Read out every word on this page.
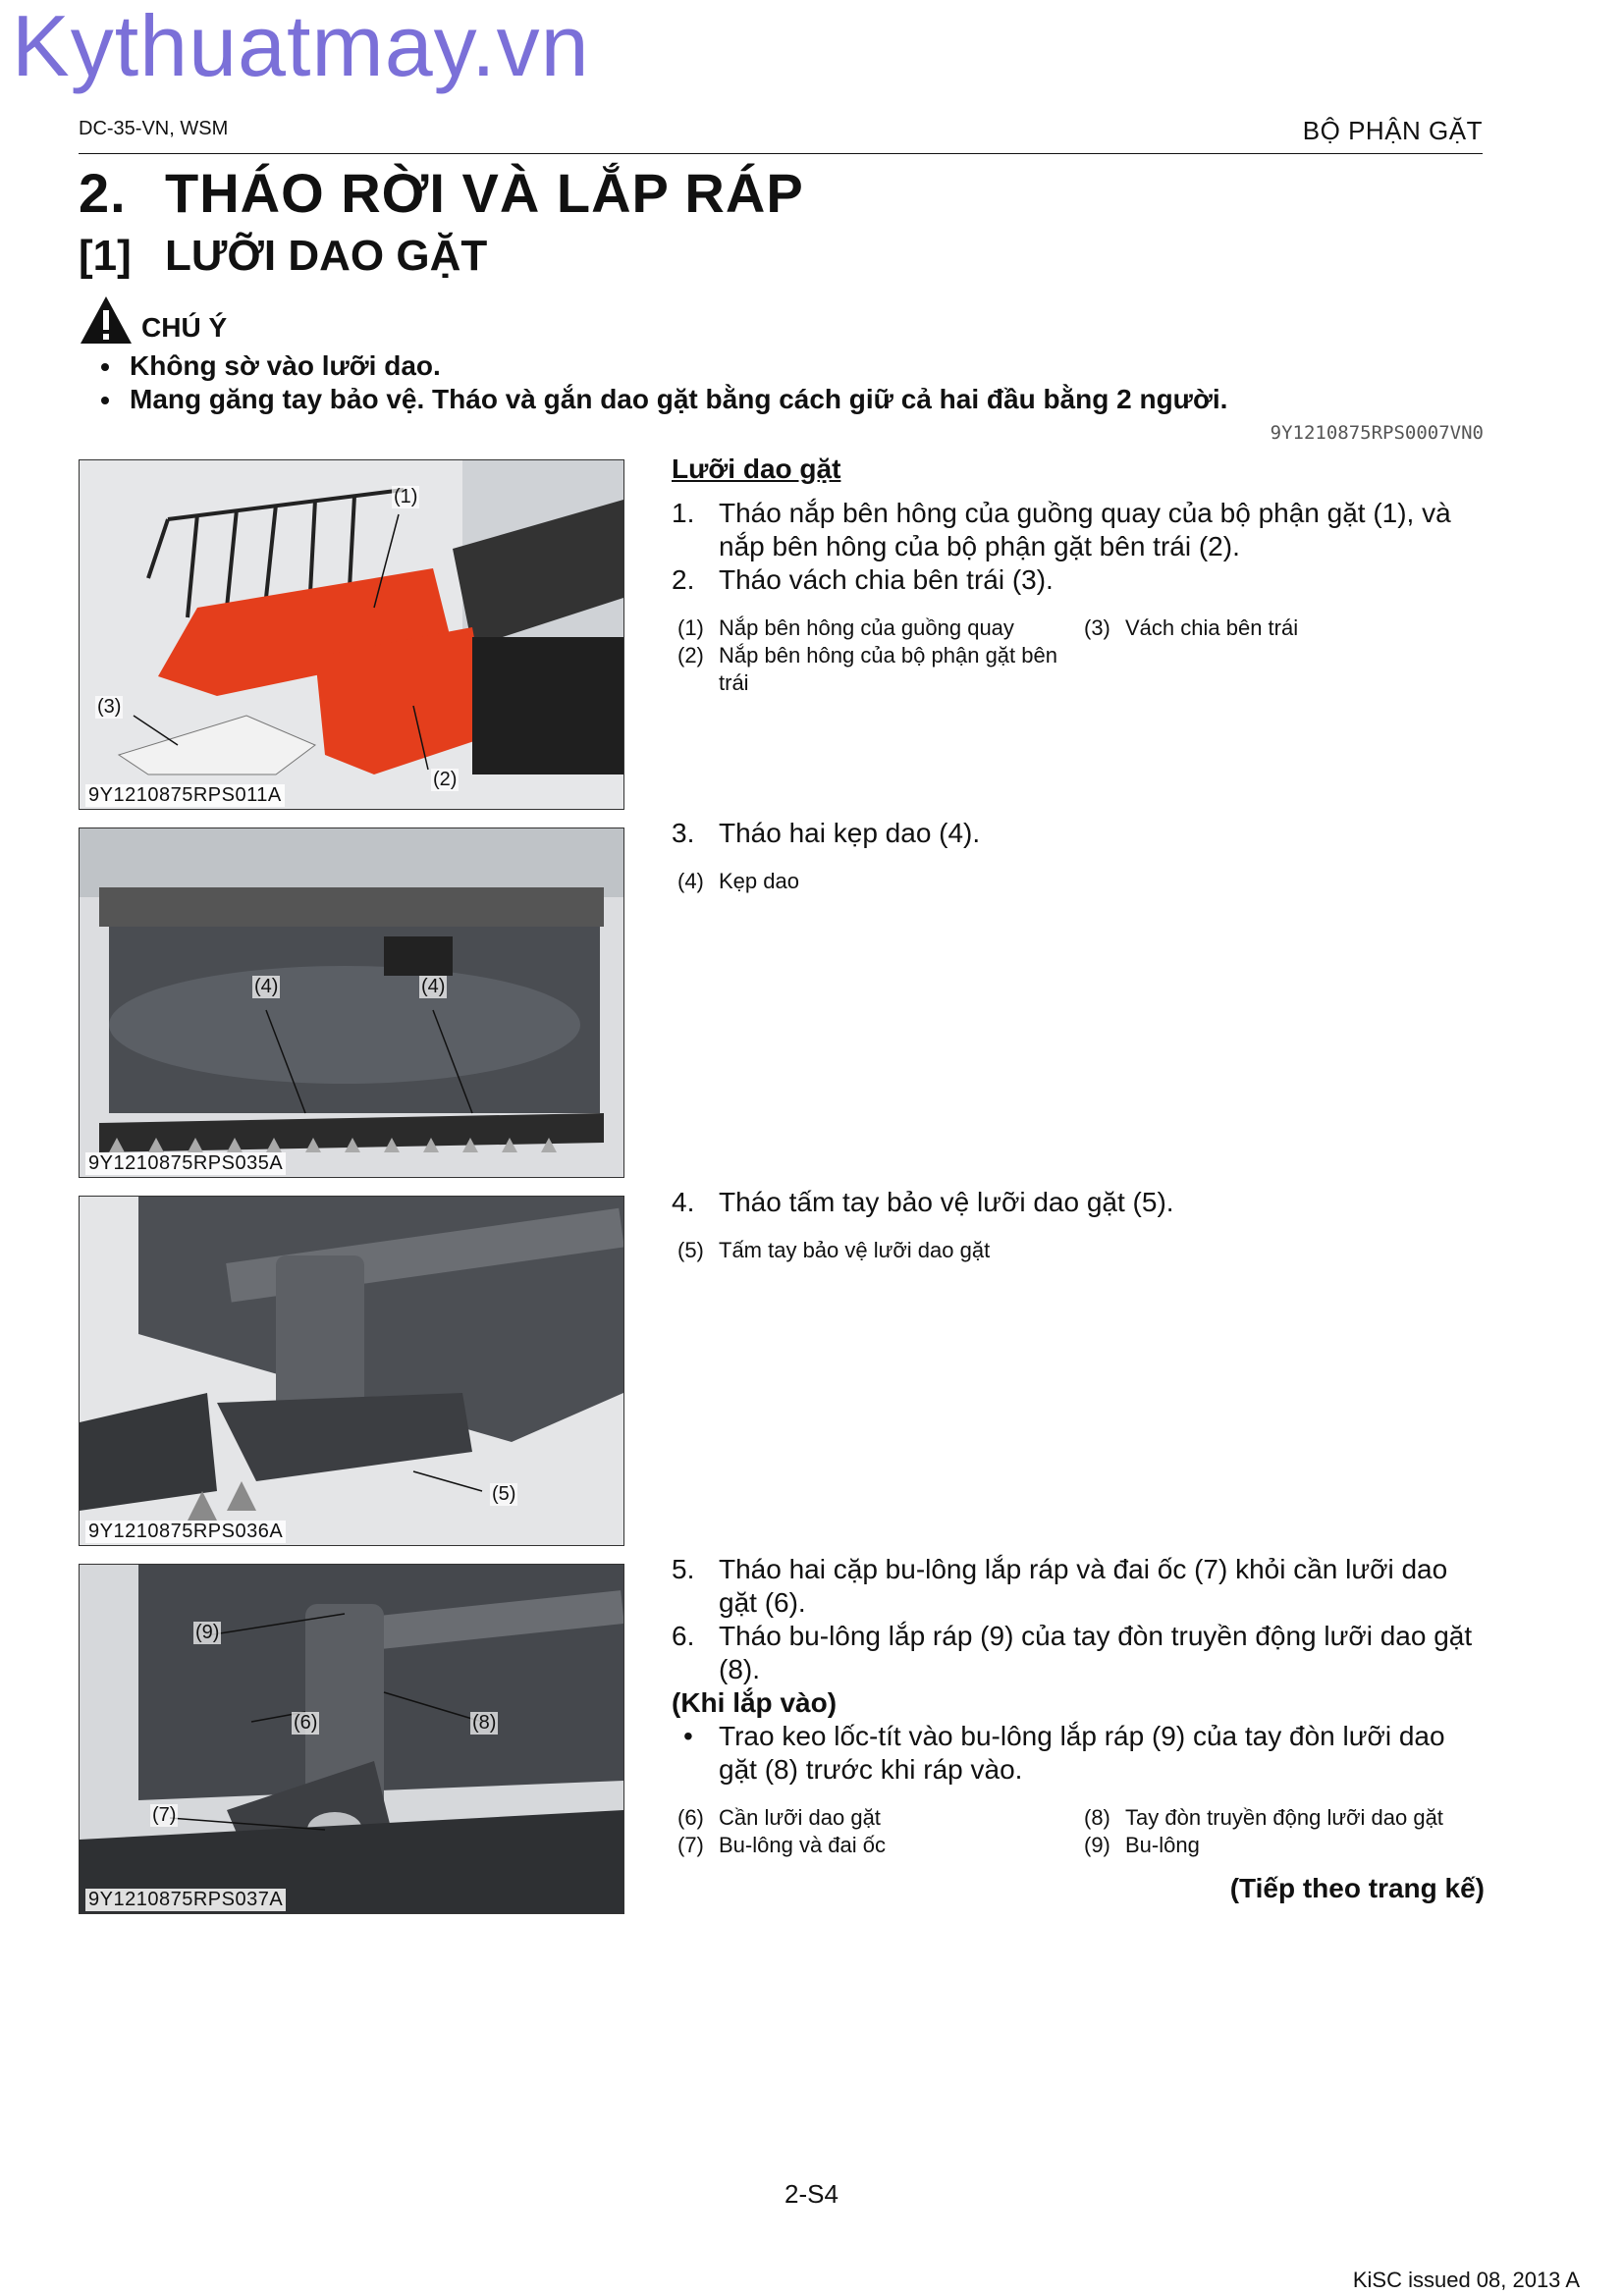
Kythuatmay.vn
DC-35-VN, WSM	BỘ PHẬN GẶT
2. THÁO RỜI VÀ LẮP RÁP
[1] LƯỠI DAO GẶT
CHÚ Ý
• Không sờ vào lưỡi dao.
• Mang găng tay bảo vệ. Tháo và gắn dao gặt bằng cách giữ cả hai đầu bằng 2 người.
9Y1210875RPS0007VN0
(1)
(3)
(2)
9Y1210875RPS011A
Lưỡi dao gặt
1. Tháo nắp bên hông của guồng quay của bộ phận gặt (1), và nắp bên hông của bộ phận gặt bên trái (2).
2. Tháo vách chia bên trái (3).
(1) Nắp bên hông của guồng quay	(3) Vách chia bên trái
(2) Nắp bên hông của bộ phận gặt bên trái
(4)	(4)
9Y1210875RPS035A
3. Tháo hai kẹp dao (4).
(4) Kẹp dao
(5)
9Y1210875RPS036A
4. Tháo tấm tay bảo vệ lưỡi dao gặt (5).
(5) Tấm tay bảo vệ lưỡi dao gặt
(9)
(6)	(8)
(7)
9Y1210875RPS037A
5. Tháo hai cặp bu-lông lắp ráp và đai ốc (7) khỏi cần lưỡi dao gặt (6).
6. Tháo bu-lông lắp ráp (9) của tay đòn truyền động lưỡi dao gặt (8).
(Khi lắp vào)
• Trao keo lốc-tít vào bu-lông lắp ráp (9) của tay đòn lưỡi dao gặt (8) trước khi ráp vào.
(6) Cần lưỡi dao gặt	(8) Tay đòn truyền động lưỡi dao gặt
(7) Bu-lông và đai ốc	(9) Bu-lông
(Tiếp theo trang kế)
2-S4
KiSC issued 08, 2013 A
